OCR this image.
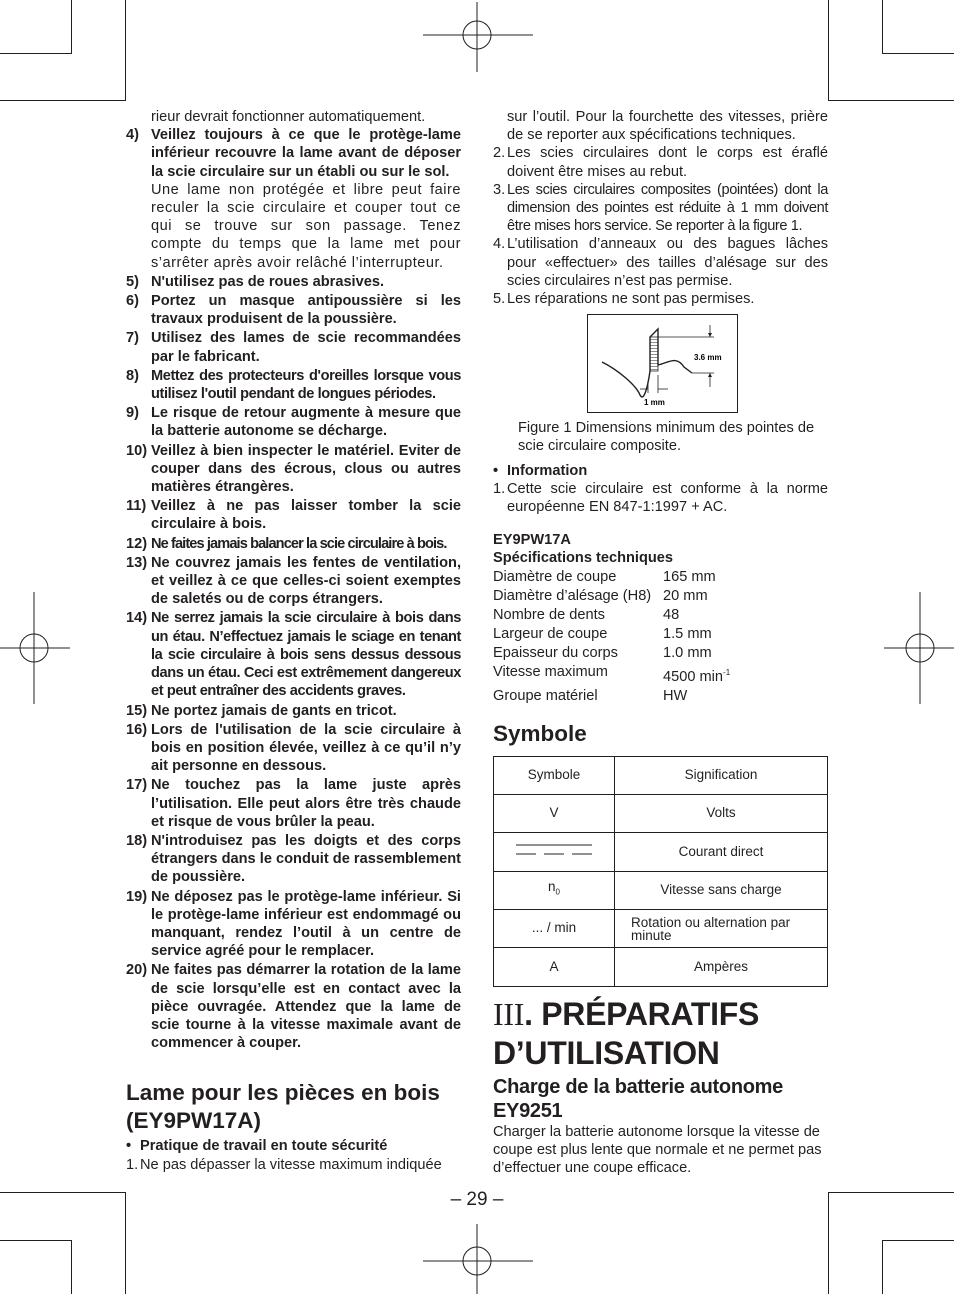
rieur devrait fonctionner automatiquement.

4) Veillez toujours à ce que le protège-lame inférieur recouvre la lame avant de déposer la scie circulaire sur un établi ou sur le sol.
Une lame non protégée et libre peut faire reculer la scie circulaire et couper tout ce qui se trouve sur son passage. Tenez compte du temps que la lame met pour s’arrêter après avoir relâché l’interrupteur.
5) N'utilisez pas de roues abrasives.
6) Portez un masque antipoussière si les travaux produisent de la poussière.
7) Utilisez des lames de scie recommandées par le fabricant.
8) Mettez des protecteurs d'oreilles lorsque vous utilisez l'outil pendant de longues périodes.
9) Le risque de retour augmente à mesure que la batterie autonome se décharge.
10) Veillez à bien inspecter le matériel. Eviter de couper dans des écrous, clous ou autres matières étrangères.
11) Veillez à ne pas laisser tomber la scie circulaire à bois.
12) Ne faites jamais balancer la scie circulaire à bois.
13) Ne couvrez jamais les fentes de ventilation, et veillez à ce que celles-ci soient exemptes de saletés ou de corps étrangers.
14) Ne serrez jamais la scie circulaire à bois dans un étau. N’effectuez jamais le sciage en tenant la scie circulaire à bois sens dessus dessous dans un étau. Ceci est extrêmement dangereux et peut entraîner des accidents graves.
15) Ne portez jamais de gants en tricot.
16) Lors de l'utilisation de la scie circulaire à bois en position élevée, veillez à ce qu’il n’y ait personne en dessous.
17) Ne touchez pas la lame juste après l’utilisation. Elle peut alors être très chaude et risque de vous brûler la peau.
18) N'introduisez pas les doigts et des corps étrangers dans le conduit de rassemblement de poussière.
19) Ne déposez pas le protège-lame inférieur. Si le protège-lame inférieur est endommagé ou manquant, rendez l’outil à un centre de service agréé pour le remplacer.
20) Ne faites pas démarrer la rotation de la lame de scie lorsqu’elle est en contact avec la pièce ouvragée. Attendez que la lame de scie tourne à la vitesse maximale avant de commencer à couper.

Lame pour les pièces en bois (EY9PW17A)

• Pratique de travail en toute sécurité
1. Ne pas dépasser la vitesse maximum indiquée

sur l’outil. Pour la fourchette des vitesses, prière de se reporter aux spécifications techniques.

2. Les scies circulaires dont le corps est éraflé doivent être mises au rebut.
3. Les scies circulaires composites (pointées) dont la dimension des pointes est réduite à 1 mm doivent être mises hors service. Se reporter à la figure 1.
4. L’utilisation d’anneaux ou des bagues lâches pour «effectuer» des tailles d’alésage sur des scies circulaires n’est pas permise.
5. Les réparations ne sont pas permises.
3.6 mm
1 mm

Figure 1 Dimensions minimum des pointes de scie circulaire composite.

• Information
1. Cette scie circulaire est conforme à la norme européenne EN 847-1:1997 + AC.
EY9PW17A
Spécifications techniques
Diamètre de coupe	165 mm
Diamètre d’alésage (H8) 20 mm
Nombre de dents	48
Largeur de coupe	1.5 mm
Epaisseur du corps	1.0 mm
Vitesse maximum	4500 $\min^{-1}$
Groupe matériel	HW

Symbole

Symbole	Signification
V	Volts
	Courant direct
$n_0$	Vitesse sans charge
... / min	Rotation ou alternation par minute
A	Ampères

III. PRÉPARATIFS D’UTILISATION

Charge de la batterie autonome EY9251

Charger la batterie autonome lorsque la vitesse de coupe est plus lente que normale et ne permet pas d’effectuer une coupe efficace.

– 29 –
